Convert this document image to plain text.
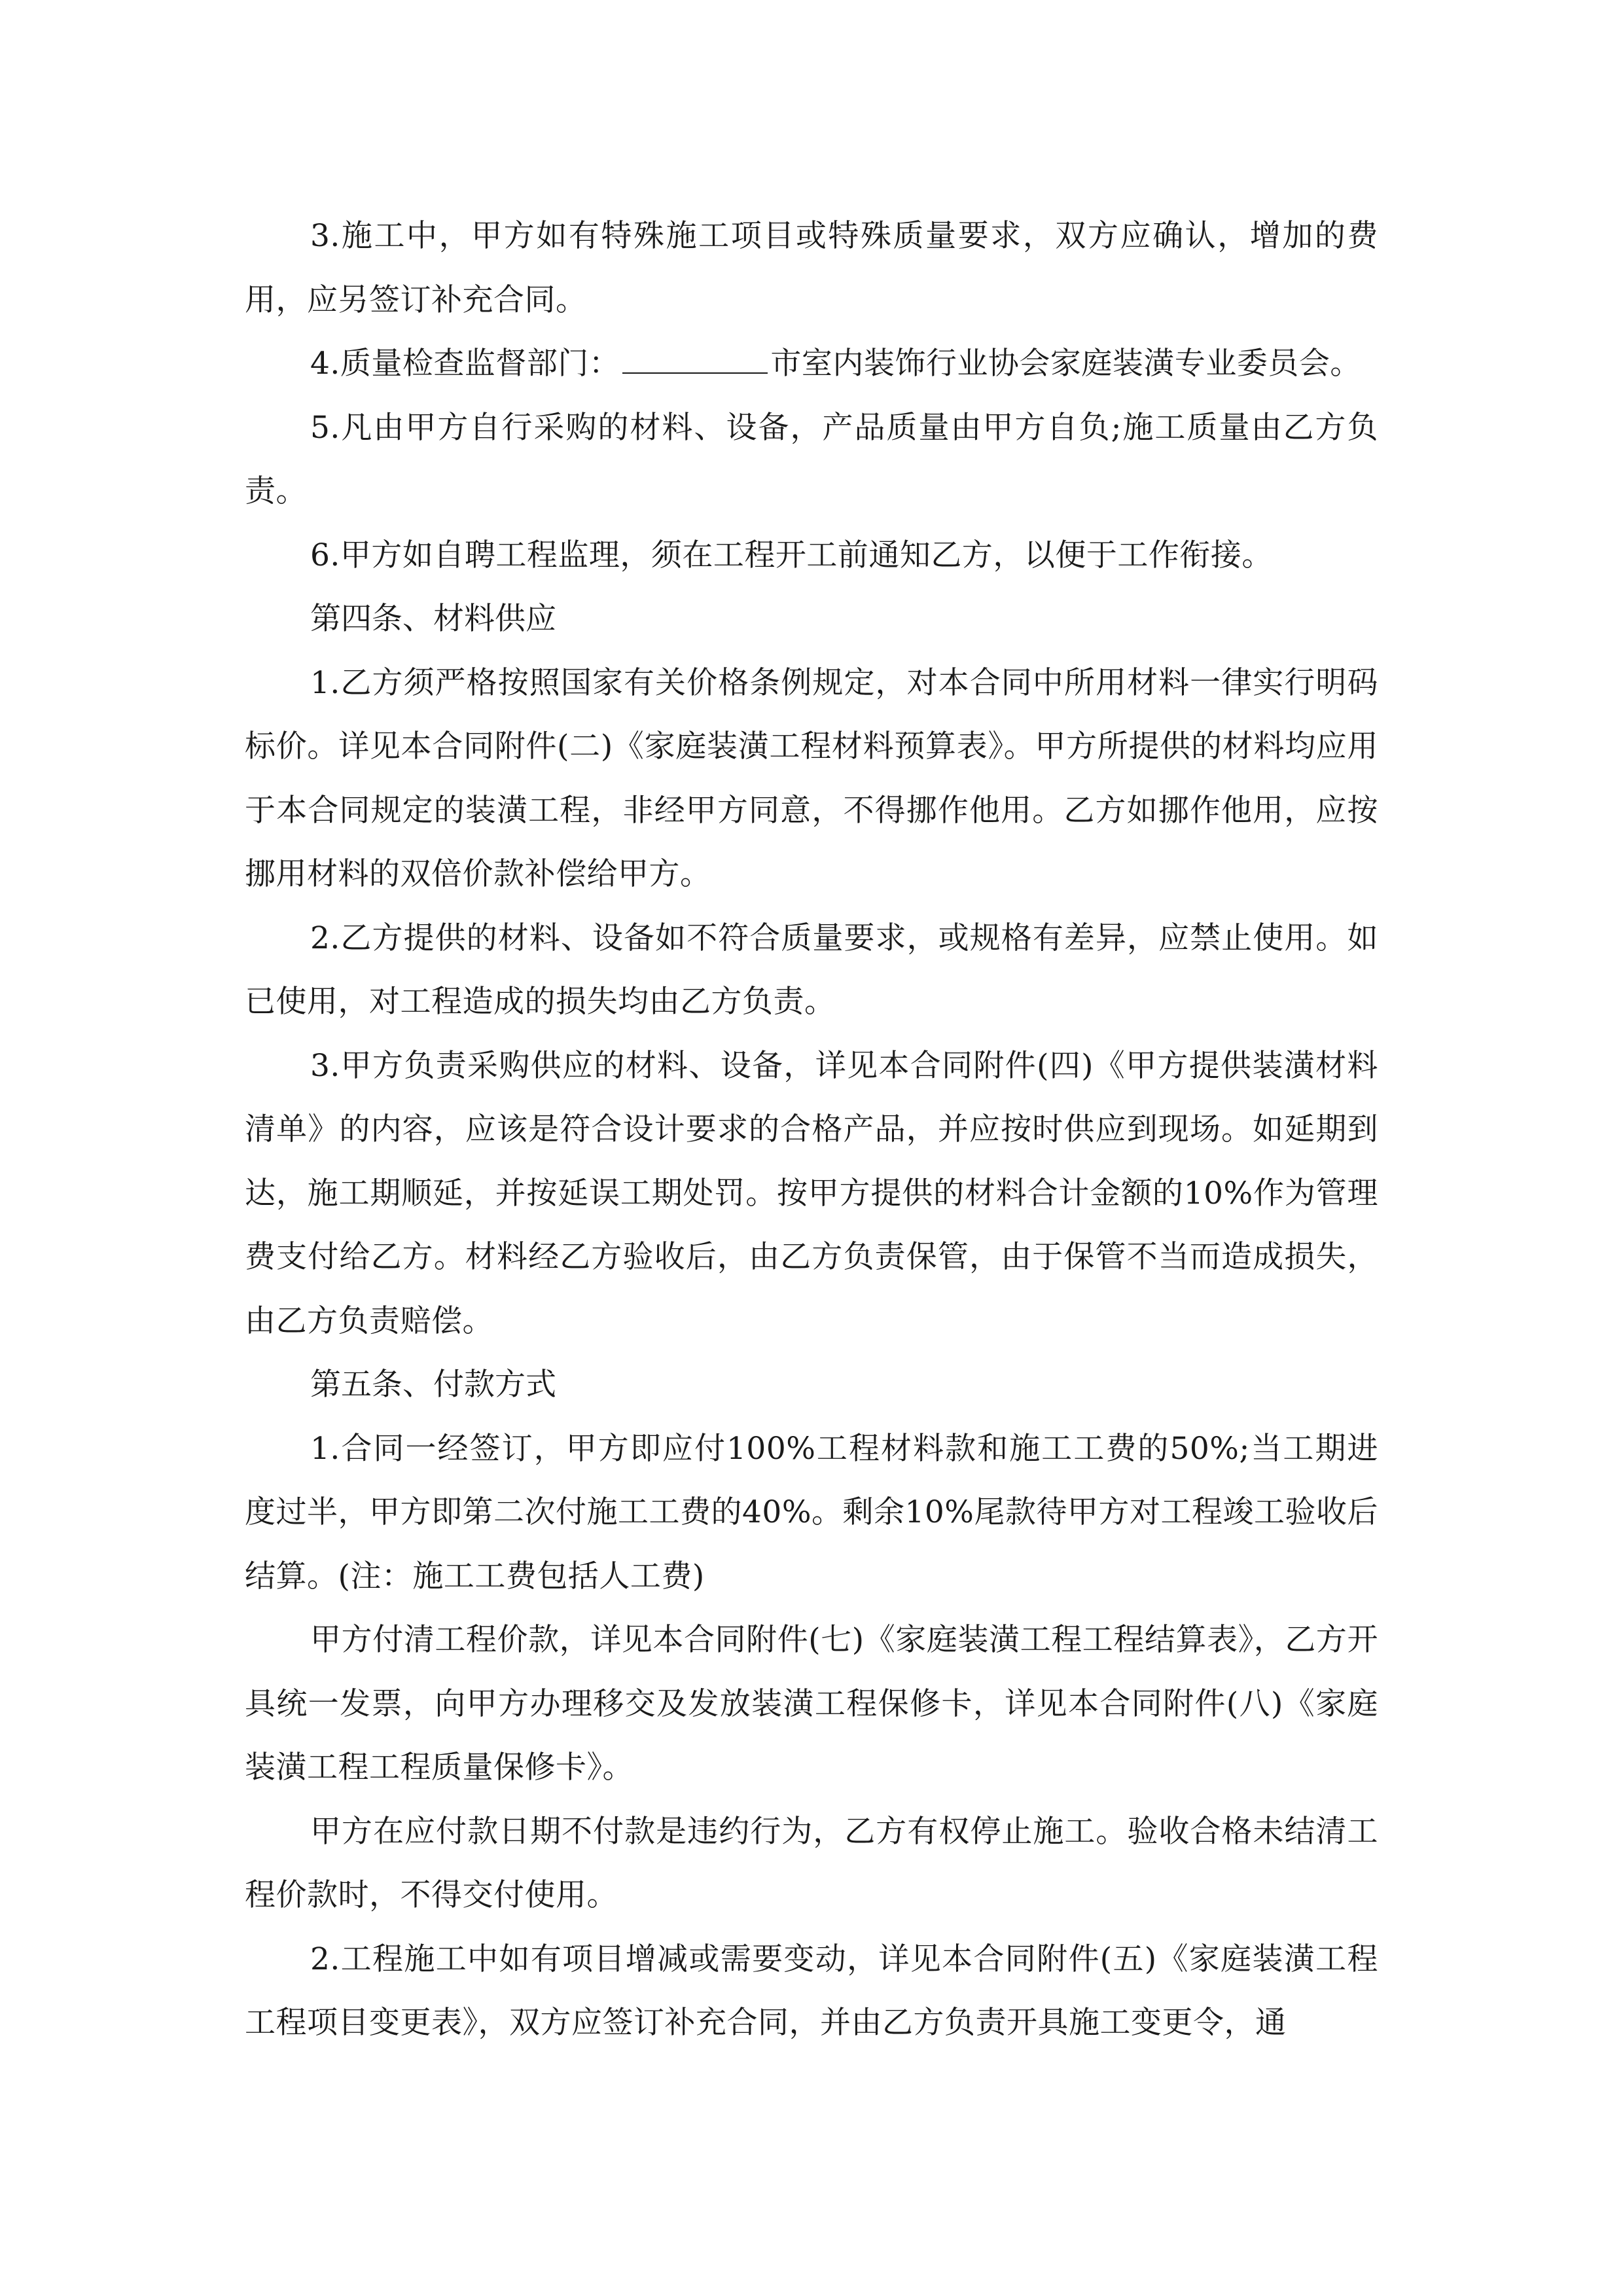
3.施工中，甲方如有特殊施工项目或特殊质量要求，双方应确认，增加的费用，应另签订补充合同。

4.质量检查监督部门：	市室内装饰行业协会家庭装潢专业委员会。

5.凡由甲方自行采购的材料、设备，产品质量由甲方自负;施工质量由乙方负责。

6.甲方如自聘工程监理，须在工程开工前通知乙方，以便于工作衔接。

第四条、材料供应

1.乙方须严格按照国家有关价格条例规定，对本合同中所用材料一律实行明码标价。详见本合同附件(二)《家庭装潢工程材料预算表》。甲方所提供的材料均应用于本合同规定的装潢工程，非经甲方同意，不得挪作他用。乙方如挪作他用，应按挪用材料的双倍价款补偿给甲方。

2.乙方提供的材料、设备如不符合质量要求，或规格有差异，应禁止使用。如已使用，对工程造成的损失均由乙方负责。

3.甲方负责采购供应的材料、设备，详见本合同附件(四)《甲方提供装潢材料清单》的内容，应该是符合设计要求的合格产品，并应按时供应到现场。如延期到达，施工期顺延，并按延误工期处罚。按甲方提供的材料合计金额的10%作为管理费支付给乙方。材料经乙方验收后，由乙方负责保管，由于保管不当而造成损失，由乙方负责赔偿。

第五条、付款方式

1.合同一经签订，甲方即应付100%工程材料款和施工工费的50%;当工期进度过半，甲方即第二次付施工工费的40%。剩余10%尾款待甲方对工程竣工验收后结算。(注：施工工费包括人工费)

甲方付清工程价款，详见本合同附件(七)《家庭装潢工程工程结算表》，乙方开具统一发票，向甲方办理移交及发放装潢工程保修卡，详见本合同附件(八)《家庭装潢工程工程质量保修卡》。

甲方在应付款日期不付款是违约行为，乙方有权停止施工。验收合格未结清工程价款时，不得交付使用。

2.工程施工中如有项目增减或需要变动，详见本合同附件(五)《家庭装潢工程工程项目变更表》，双方应签订补充合同，并由乙方负责开具施工变更令，通
